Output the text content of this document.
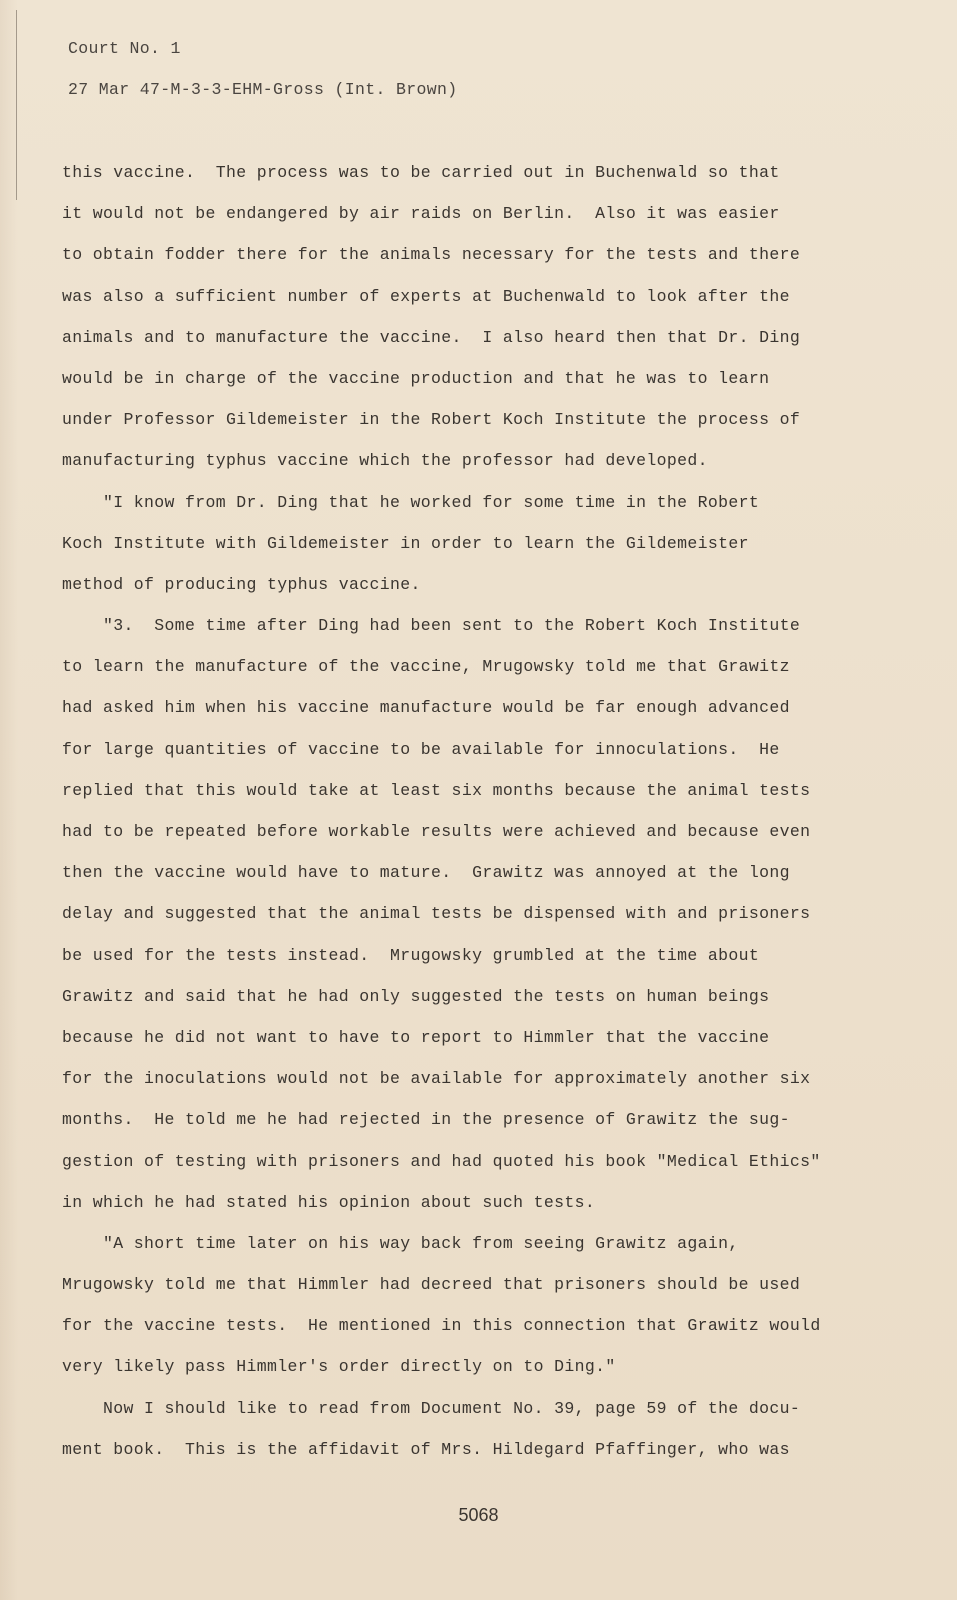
Court No. 1
27 Mar 47-M-3-3-EHM-Gross (Int. Brown)
this vaccine.  The process was to be carried out in Buchenwald so that
it would not be endangered by air raids on Berlin.  Also it was easier
to obtain fodder there for the animals necessary for the tests and there
was also a sufficient number of experts at Buchenwald to look after the
animals and to manufacture the vaccine.  I also heard then that Dr. Ding
would be in charge of the vaccine production and that he was to learn
under Professor Gildemeister in the Robert Koch Institute the process of
manufacturing typhus vaccine which the professor had developed.
"I know from Dr. Ding that he worked for some time in the Robert
Koch Institute with Gildemeister in order to learn the Gildemeister
method of producing typhus vaccine.
"3.  Some time after Ding had been sent to the Robert Koch Institute
to learn the manufacture of the vaccine, Mrugowsky told me that Grawitz
had asked him when his vaccine manufacture would be far enough advanced
for large quantities of vaccine to be available for innoculations.  He
replied that this would take at least six months because the animal tests
had to be repeated before workable results were achieved and because even
then the vaccine would have to mature.  Grawitz was annoyed at the long
delay and suggested that the animal tests be dispensed with and prisoners
be used for the tests instead.  Mrugowsky grumbled at the time about
Grawitz and said that he had only suggested the tests on human beings
because he did not want to have to report to Himmler that the vaccine
for the inoculations would not be available for approximately another six
months.  He told me he had rejected in the presence of Grawitz the sug-
gestion of testing with prisoners and had quoted his book "Medical Ethics"
in which he had stated his opinion about such tests.
"A short time later on his way back from seeing Grawitz again,
Mrugowsky told me that Himmler had decreed that prisoners should be used
for the vaccine tests.  He mentioned in this connection that Grawitz would
very likely pass Himmler's order directly on to Ding."
Now I should like to read from Document No. 39, page 59 of the docu-
ment book.  This is the affidavit of Mrs. Hildegard Pfaffinger, who was
5068
